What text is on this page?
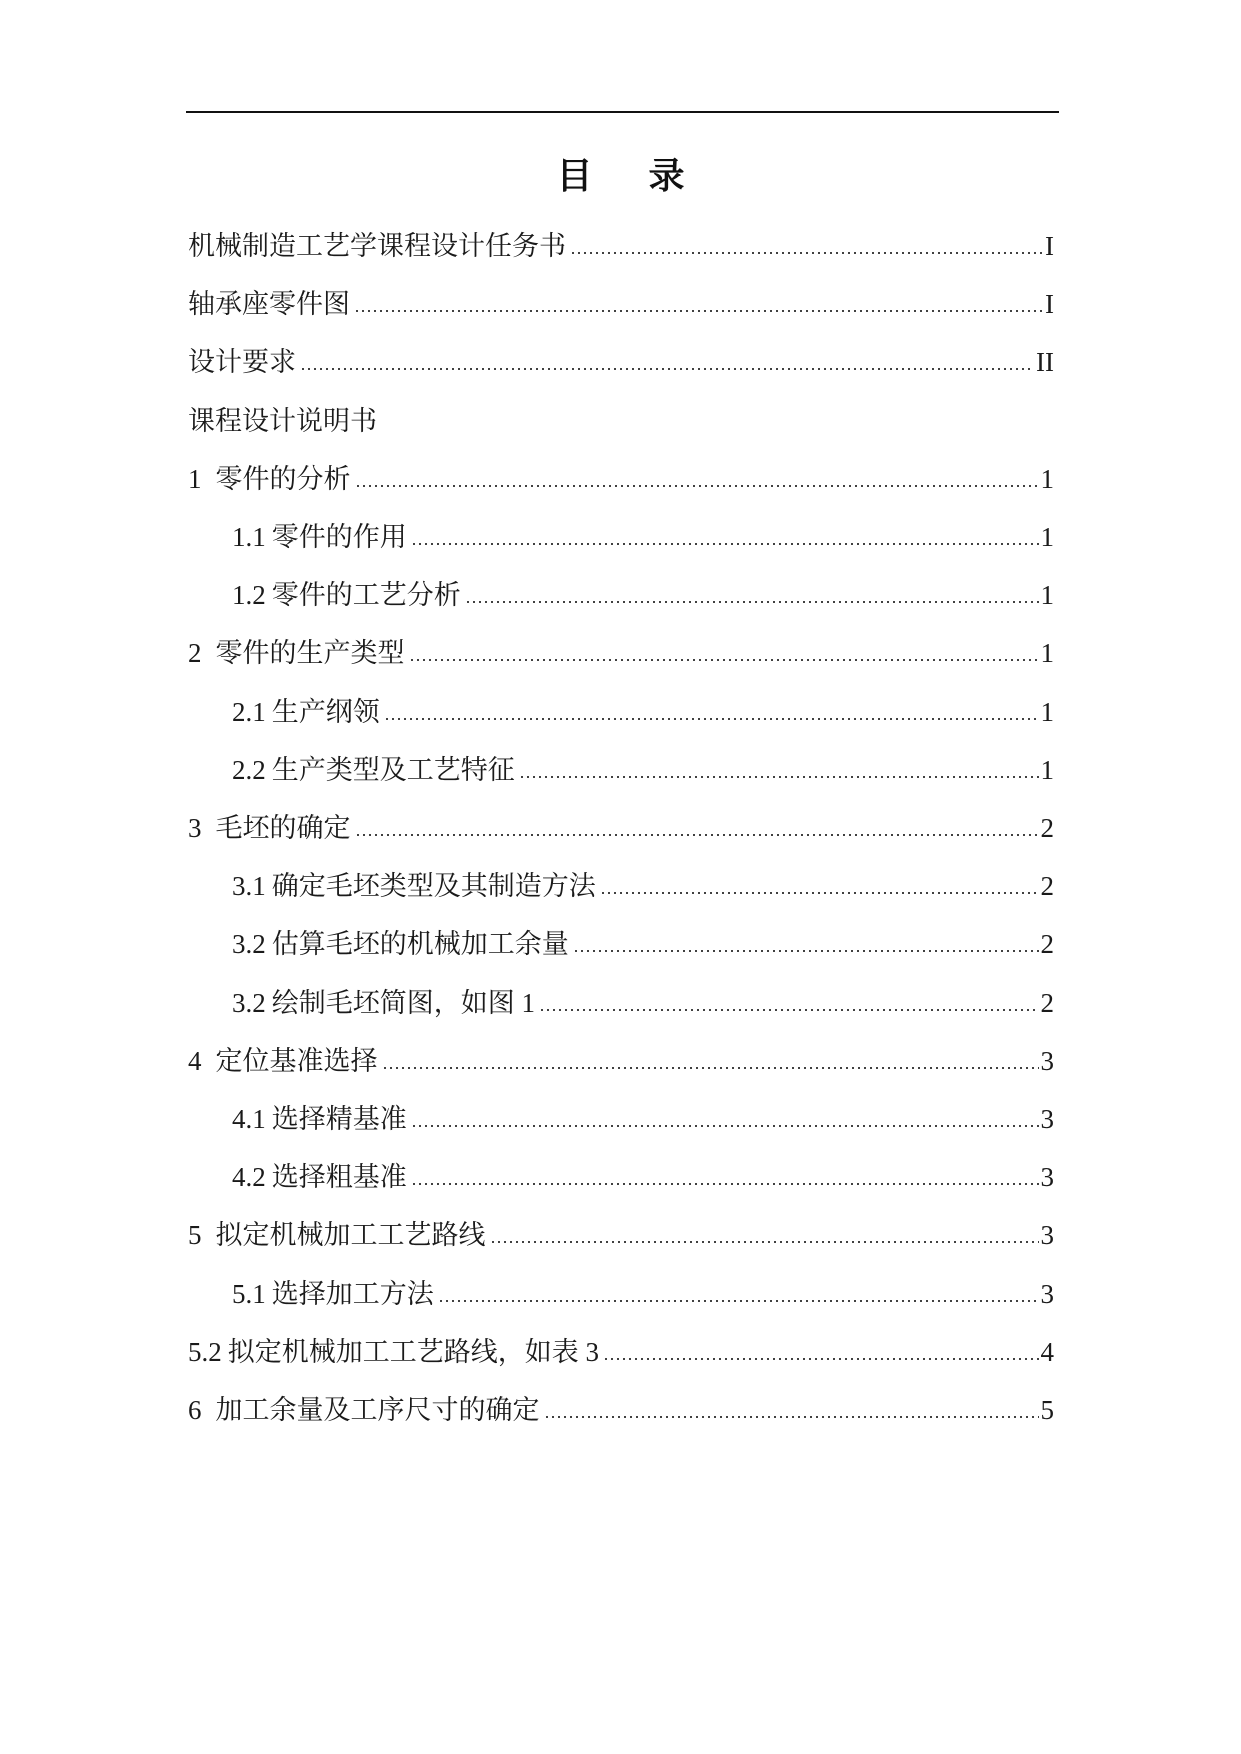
目 录
机械制造工艺学课程设计任务书	I
轴承座零件图	I
设计要求	II
课程设计说明书
1 零件的分析	1
1.1 零件的作用	1
1.2 零件的工艺分析	1
2 零件的生产类型	1
2.1 生产纲领	1
2.2 生产类型及工艺特征	1
3 毛坯的确定	2
3.1 确定毛坯类型及其制造方法	2
3.2 估算毛坯的机械加工余量	2
3.2 绘制毛坯简图，如图 1	2
4 定位基准选择	3
4.1 选择精基准	3
4.2 选择粗基准	3
5 拟定机械加工工艺路线	3
5.1 选择加工方法	3
5.2 拟定机械加工工艺路线，如表 3	4
6 加工余量及工序尺寸的确定	5
